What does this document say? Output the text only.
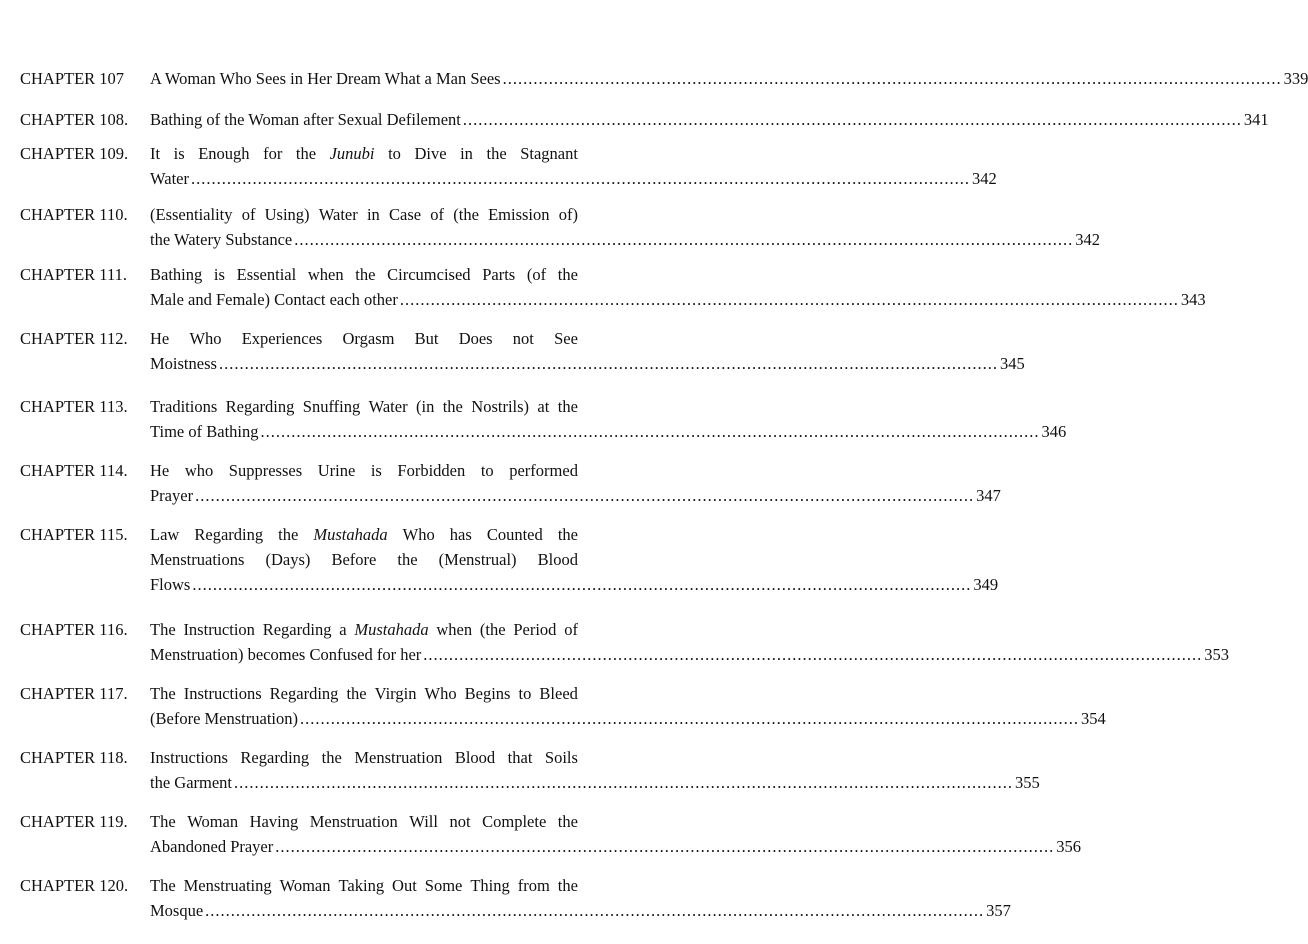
CHAPTER 107	A Woman Who Sees in Her Dream What a Man Sees ........................................................................................................................................................ 339
CHAPTER 108.	Bathing of the Woman after Sexual Defilement ........................................................................................................................................................ 341
CHAPTER 109.	It is Enough for the Junubi to Dive in the Stagnant
Water ........................................................................................................................................................ 342
CHAPTER 110.	(Essentiality of Using) Water in Case of (the Emission of)
the Watery Substance ........................................................................................................................................................ 342
CHAPTER 111.	Bathing is Essential when the Circumcised Parts (of the
Male and Female) Contact each other ........................................................................................................................................................ 343
CHAPTER 112.	He Who Experiences Orgasm But Does not See
Moistness ........................................................................................................................................................ 345
CHAPTER 113.	Traditions Regarding Snuffing Water (in the Nostrils) at the
Time of Bathing ........................................................................................................................................................ 346
CHAPTER 114.	He who Suppresses Urine is Forbidden to performed
Prayer ........................................................................................................................................................ 347
CHAPTER 115.	Law Regarding the Mustahada Who has Counted the
Menstruations (Days) Before the (Menstrual) Blood
Flows ........................................................................................................................................................ 349
CHAPTER 116.	The Instruction Regarding a Mustahada when (the Period of
Menstruation) becomes Confused for her ........................................................................................................................................................ 353
CHAPTER 117.	The Instructions Regarding the Virgin Who Begins to Bleed
(Before Menstruation) ........................................................................................................................................................ 354
CHAPTER 118.	Instructions Regarding the Menstruation Blood that Soils
the Garment ........................................................................................................................................................ 355
CHAPTER 119.	The Woman Having Menstruation Will not Complete the
Abandoned Prayer ........................................................................................................................................................ 356
CHAPTER 120.	The Menstruating Woman Taking Out Some Thing from the
Mosque ........................................................................................................................................................ 357
